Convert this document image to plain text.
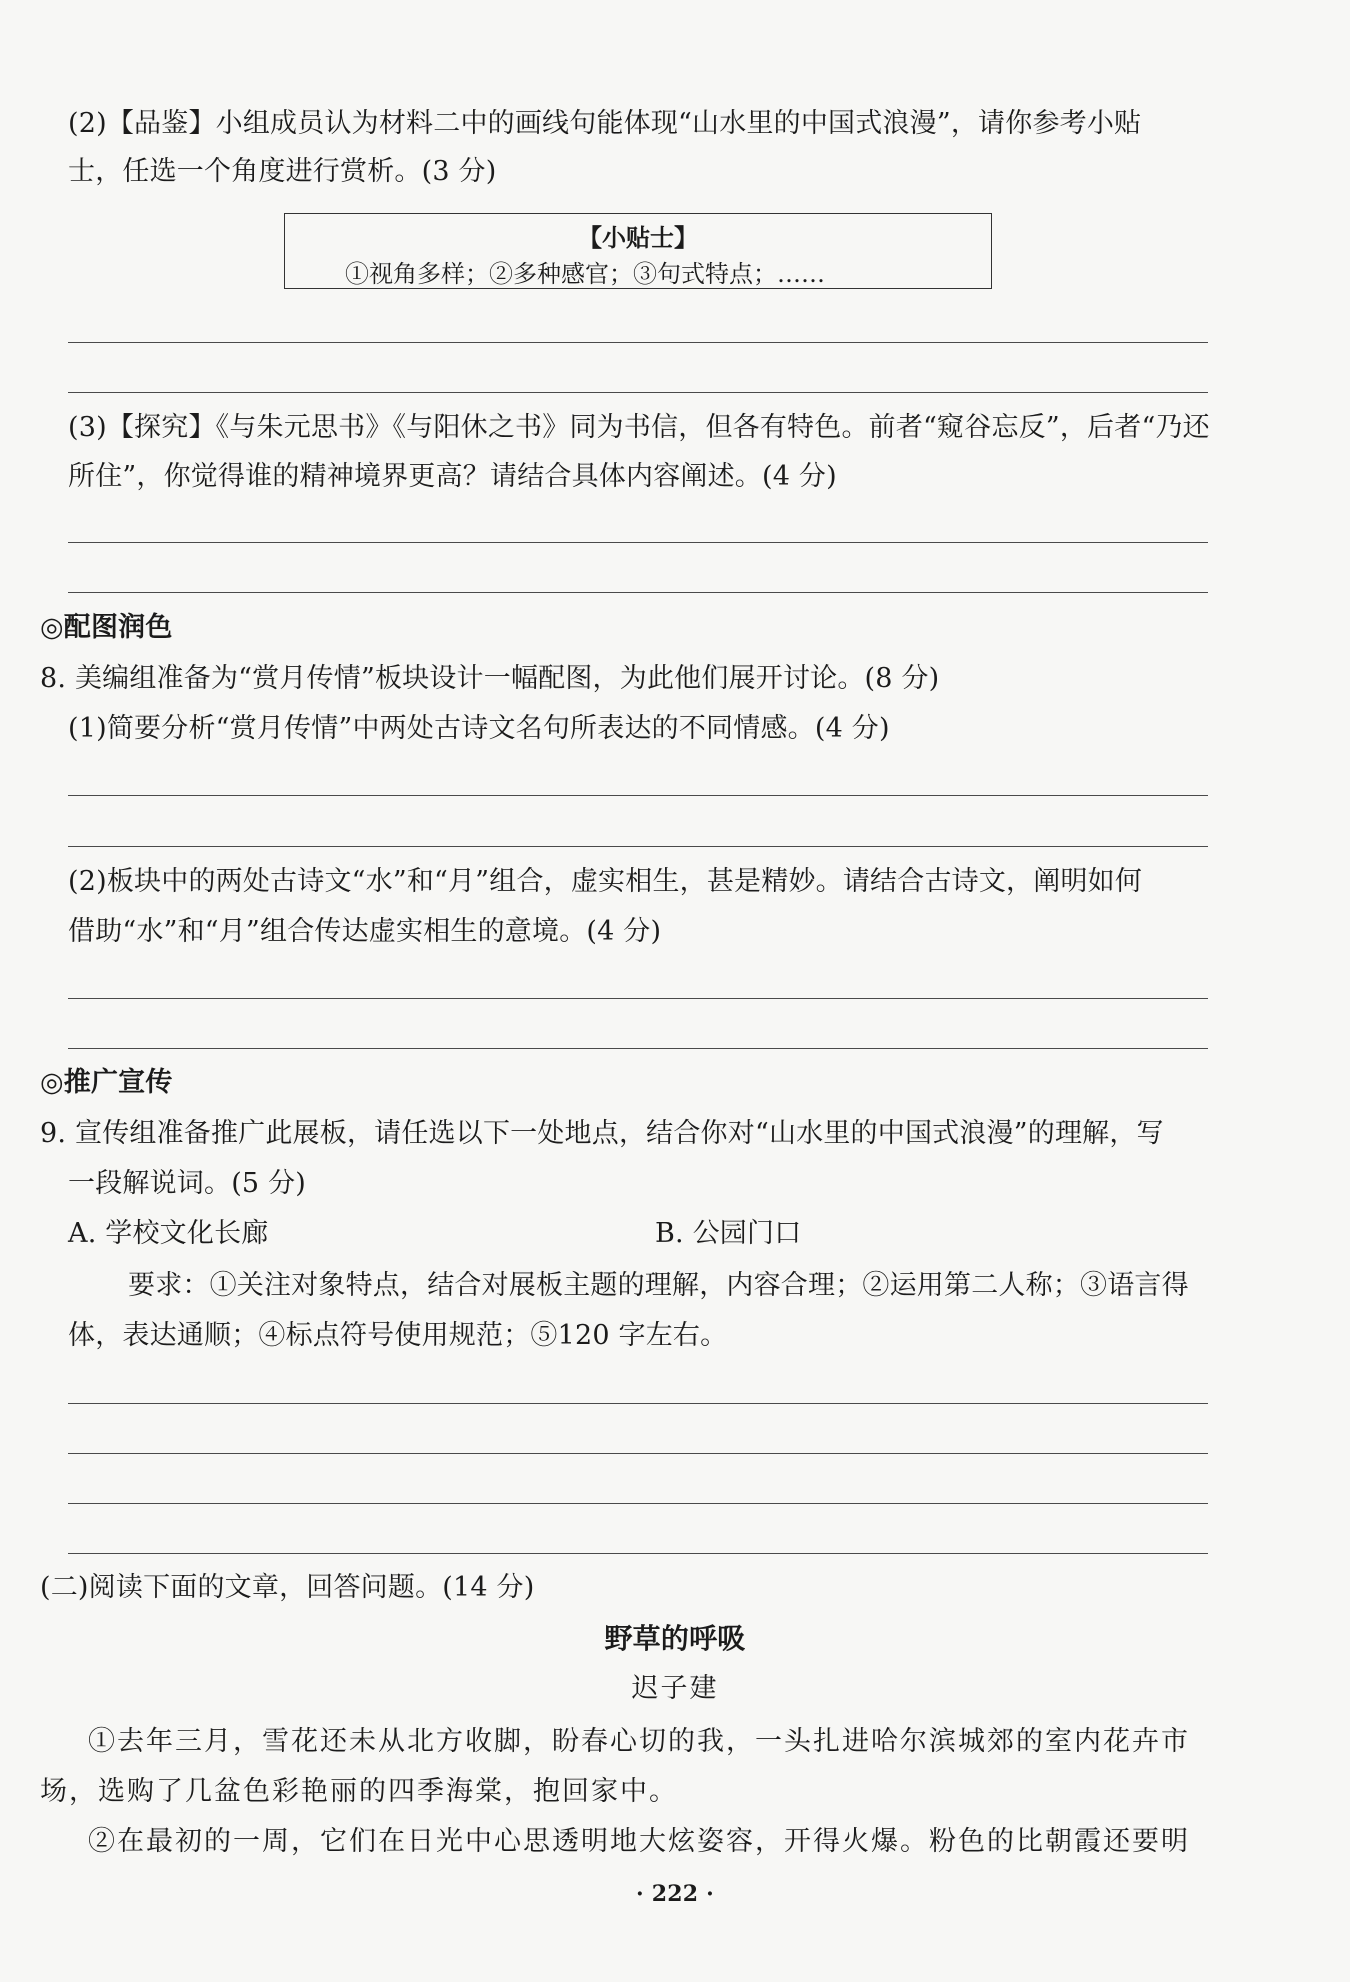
(2)【品鉴】小组成员认为材料二中的画线句能体现“山水里的中国式浪漫”，请你参考小贴
士，任选一个角度进行赏析。(3 分)
【小贴士】
①视角多样；②多种感官；③句式特点；……
(3)【探究】《与朱元思书》《与阳休之书》同为书信，但各有特色。前者“窥谷忘反”，后者“乃还
所住”，你觉得谁的精神境界更高？请结合具体内容阐述。(4 分)
◎配图润色
8. 美编组准备为“赏月传情”板块设计一幅配图，为此他们展开讨论。(8 分)
(1)简要分析“赏月传情”中两处古诗文名句所表达的不同情感。(4 分)
(2)板块中的两处古诗文“水”和“月”组合，虚实相生，甚是精妙。请结合古诗文，阐明如何
借助“水”和“月”组合传达虚实相生的意境。(4 分)
◎推广宣传
9. 宣传组准备推广此展板，请任选以下一处地点，结合你对“山水里的中国式浪漫”的理解，写
一段解说词。(5 分)
A. 学校文化长廊	B. 公园门口
要求：①关注对象特点，结合对展板主题的理解，内容合理；②运用第二人称；③语言得
体，表达通顺；④标点符号使用规范；⑤120 字左右。
(二)阅读下面的文章，回答问题。(14 分)
野草的呼吸
迟子建
①去年三月，雪花还未从北方收脚，盼春心切的我，一头扎进哈尔滨城郊的室内花卉市
场，选购了几盆色彩艳丽的四季海棠，抱回家中。
②在最初的一周，它们在日光中心思透明地大炫姿容，开得火爆。粉色的比朝霞还要明
· 222 ·
